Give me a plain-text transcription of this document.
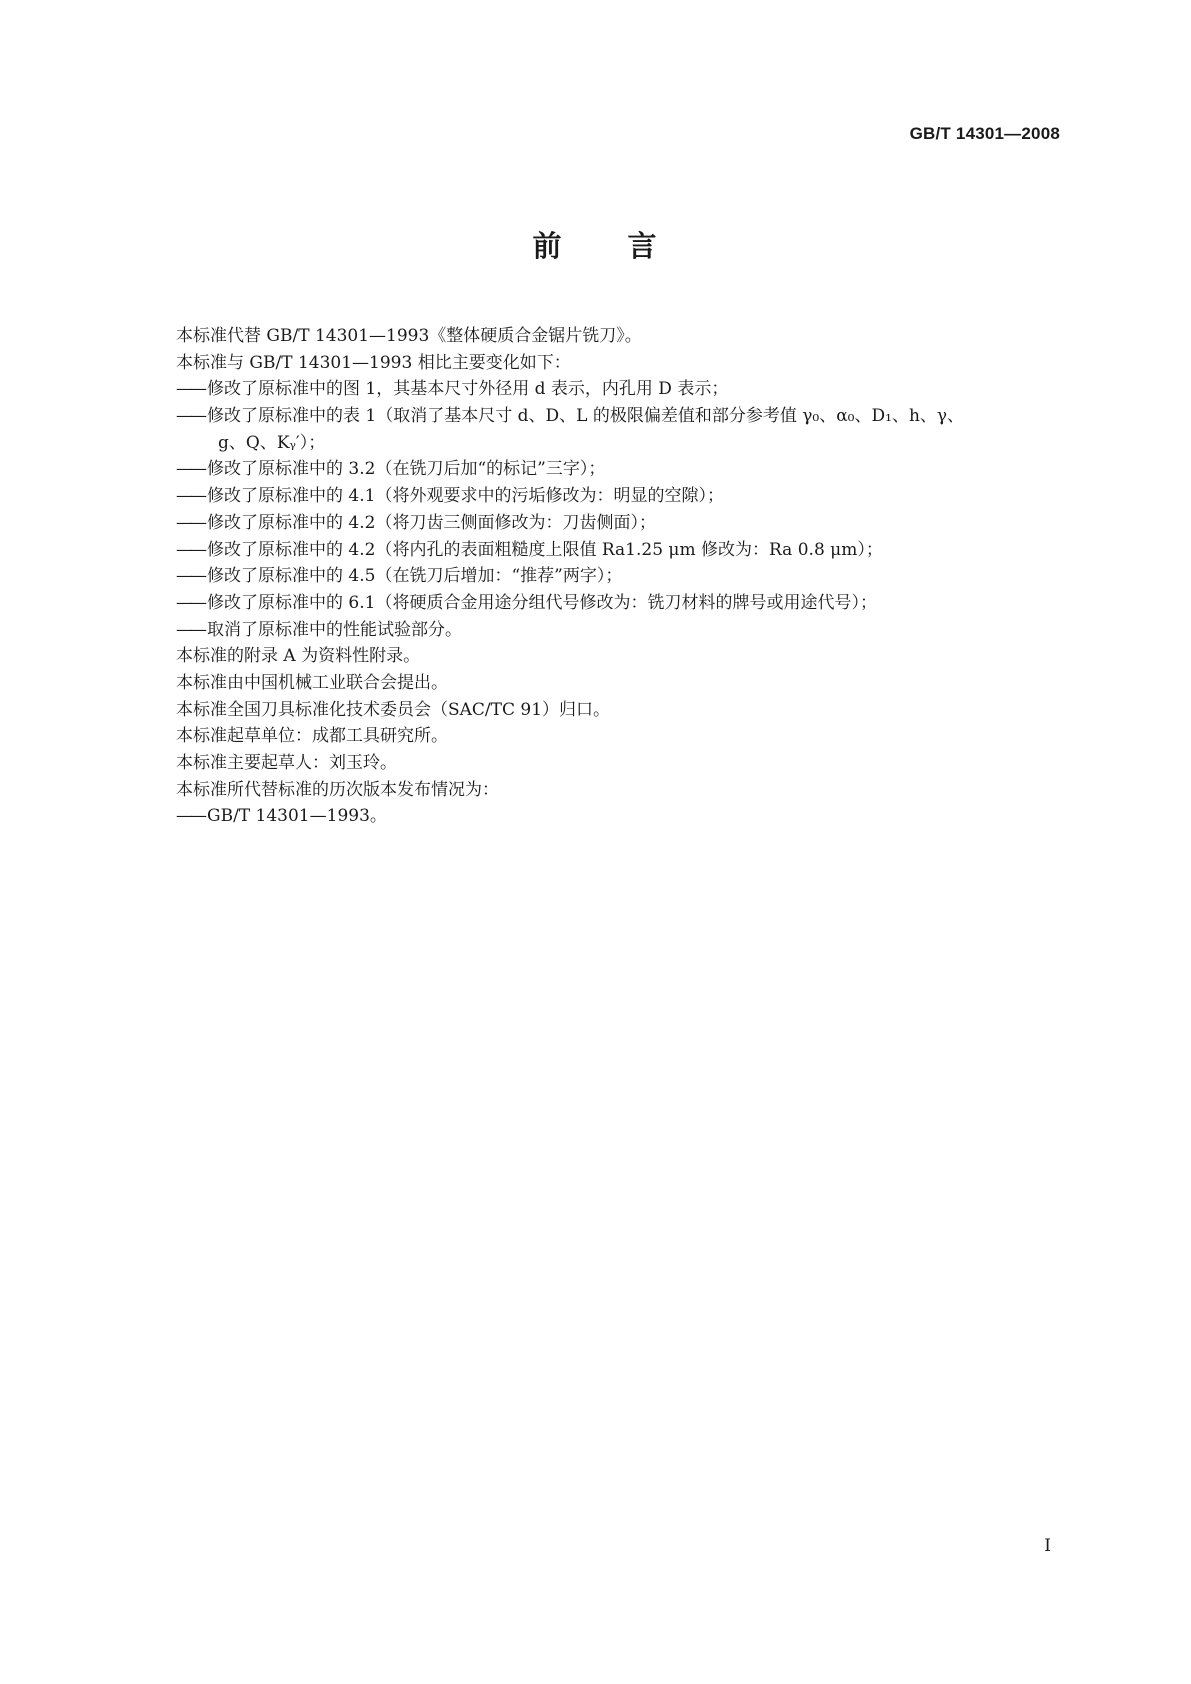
GB/T 14301—2008
前 言
本标准代替 GB/T 14301—1993《整体硬质合金锯片铣刀》。
本标准与 GB/T 14301—1993 相比主要变化如下：
—— 修改了原标准中的图 1，其基本尺寸外径用 d 表示，内孔用 D 表示；
—— 修改了原标准中的表 1（取消了基本尺寸 d、D、L 的极限偏差值和部分参考值 γ₀、α₀、D₁、h、γ、
g、Q、Kᵧ′）；
—— 修改了原标准中的 3.2（在铣刀后加“的标记”三字）；
—— 修改了原标准中的 4.1（将外观要求中的污垢修改为：明显的空隙）；
—— 修改了原标准中的 4.2（将刀齿三侧面修改为：刀齿侧面）；
—— 修改了原标准中的 4.2（将内孔的表面粗糙度上限值 Ra1.25 μm 修改为：Ra 0.8 μm）；
—— 修改了原标准中的 4.5（在铣刀后增加：“推荐”两字）；
—— 修改了原标准中的 6.1（将硬质合金用途分组代号修改为：铣刀材料的牌号或用途代号）；
—— 取消了原标准中的性能试验部分。
本标准的附录 A 为资料性附录。
本标准由中国机械工业联合会提出。
本标准全国刀具标准化技术委员会（SAC/TC 91）归口。
本标准起草单位：成都工具研究所。
本标准主要起草人：刘玉玲。
本标准所代替标准的历次版本发布情况为：
—— GB/T 14301—1993。
I
